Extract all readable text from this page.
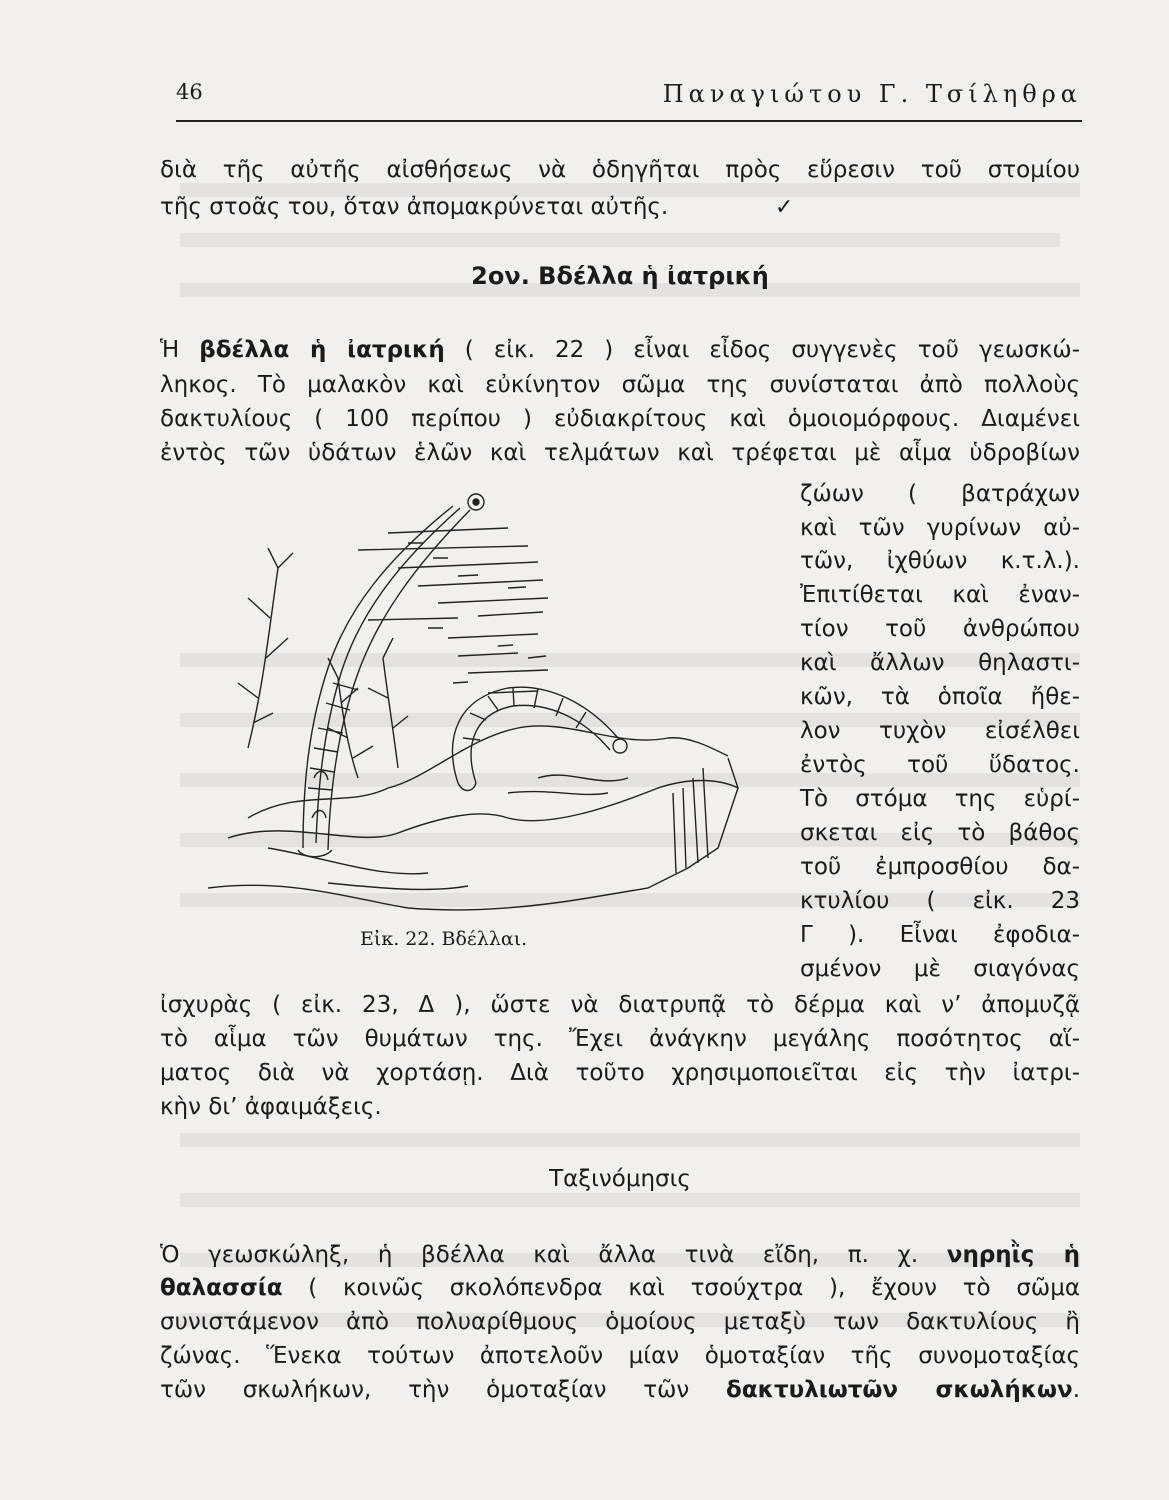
46	Παναγιώτου Γ. Τσίληθρα
διὰ τῆς αὐτῆς αἰσθήσεως νὰ ὁδηγῆται πρὸς εὕρεσιν τοῦ στομίου
τῆς στοᾶς του, ὅταν ἀπομακρύνεται αὐτῆς.	✓
2ον. Βδέλλα ἡ ἰατρική
Ἡ βδέλλα ἡ ἰατρική ( εἰκ. 22 ) εἶναι εἶδος συγγενὲς τοῦ γεωσκώ-
ληκος. Τὸ μαλακὸν καὶ εὐκίνητον σῶμα της συνίσταται ἀπὸ πολλοὺς
δακτυλίους ( 100 περίπου ) εὐδιακρίτους καὶ ὁμοιομόρφους. Διαμένει
ἐντὸς τῶν ὑδάτων ἑλῶν καὶ τελμάτων καὶ τρέφεται μὲ αἷμα ὑδροβίων
ζώων ( βατράχων
καὶ τῶν γυρίνων αὐ-
τῶν, ἰχθύων κ.τ.λ.).
Ἐπιτίθεται καὶ ἐναν-
τίον τοῦ ἀνθρώπου
καὶ ἄλλων θηλαστι-
κῶν, τὰ ὁποῖα ἤθε-
λον τυχὸν εἰσέλθει
ἐντὸς τοῦ ὕδατος.
Τὸ στόμα της εὑρί-
σκεται εἰς τὸ βάθος
τοῦ ἐμπροσθίου δα-
κτυλίου ( εἰκ. 23
Γ ). Εἶναι ἐφοδια-
σμένον μὲ σιαγόνας
ἰσχυρὰς ( εἰκ. 23, Δ ), ὥστε νὰ διατρυπᾷ τὸ δέρμα καὶ ν’ ἀπομυζᾷ
τὸ αἷμα τῶν θυμάτων της. Ἔχει ἀνάγκην μεγάλης ποσότητος αἵ-
ματος διὰ νὰ χορτάσῃ. Διὰ τοῦτο χρησιμοποιεῖται εἰς τὴν ἰατρι-
κὴν δι’ ἀφαιμάξεις.
Εἰκ. 22. Βδέλλαι.
Ταξινόμησις
Ὁ γεωσκώληξ, ἡ βδέλλα καὶ ἄλλα τινὰ εἴδη, π. χ. νηρηῒς ἡ
θαλασσία ( κοινῶς σκολόπενδρα καὶ τσούχτρα ), ἔχουν τὸ σῶμα
συνιστάμενον ἀπὸ πολυαρίθμους ὁμοίους μεταξὺ των δακτυλίους ἢ
ζώνας. Ἕνεκα τούτων ἀποτελοῦν μίαν ὁμοταξίαν τῆς συνομοταξίας
τῶν σκωλήκων, τὴν ὁμοταξίαν τῶν δακτυλιωτῶν σκωλήκων.
